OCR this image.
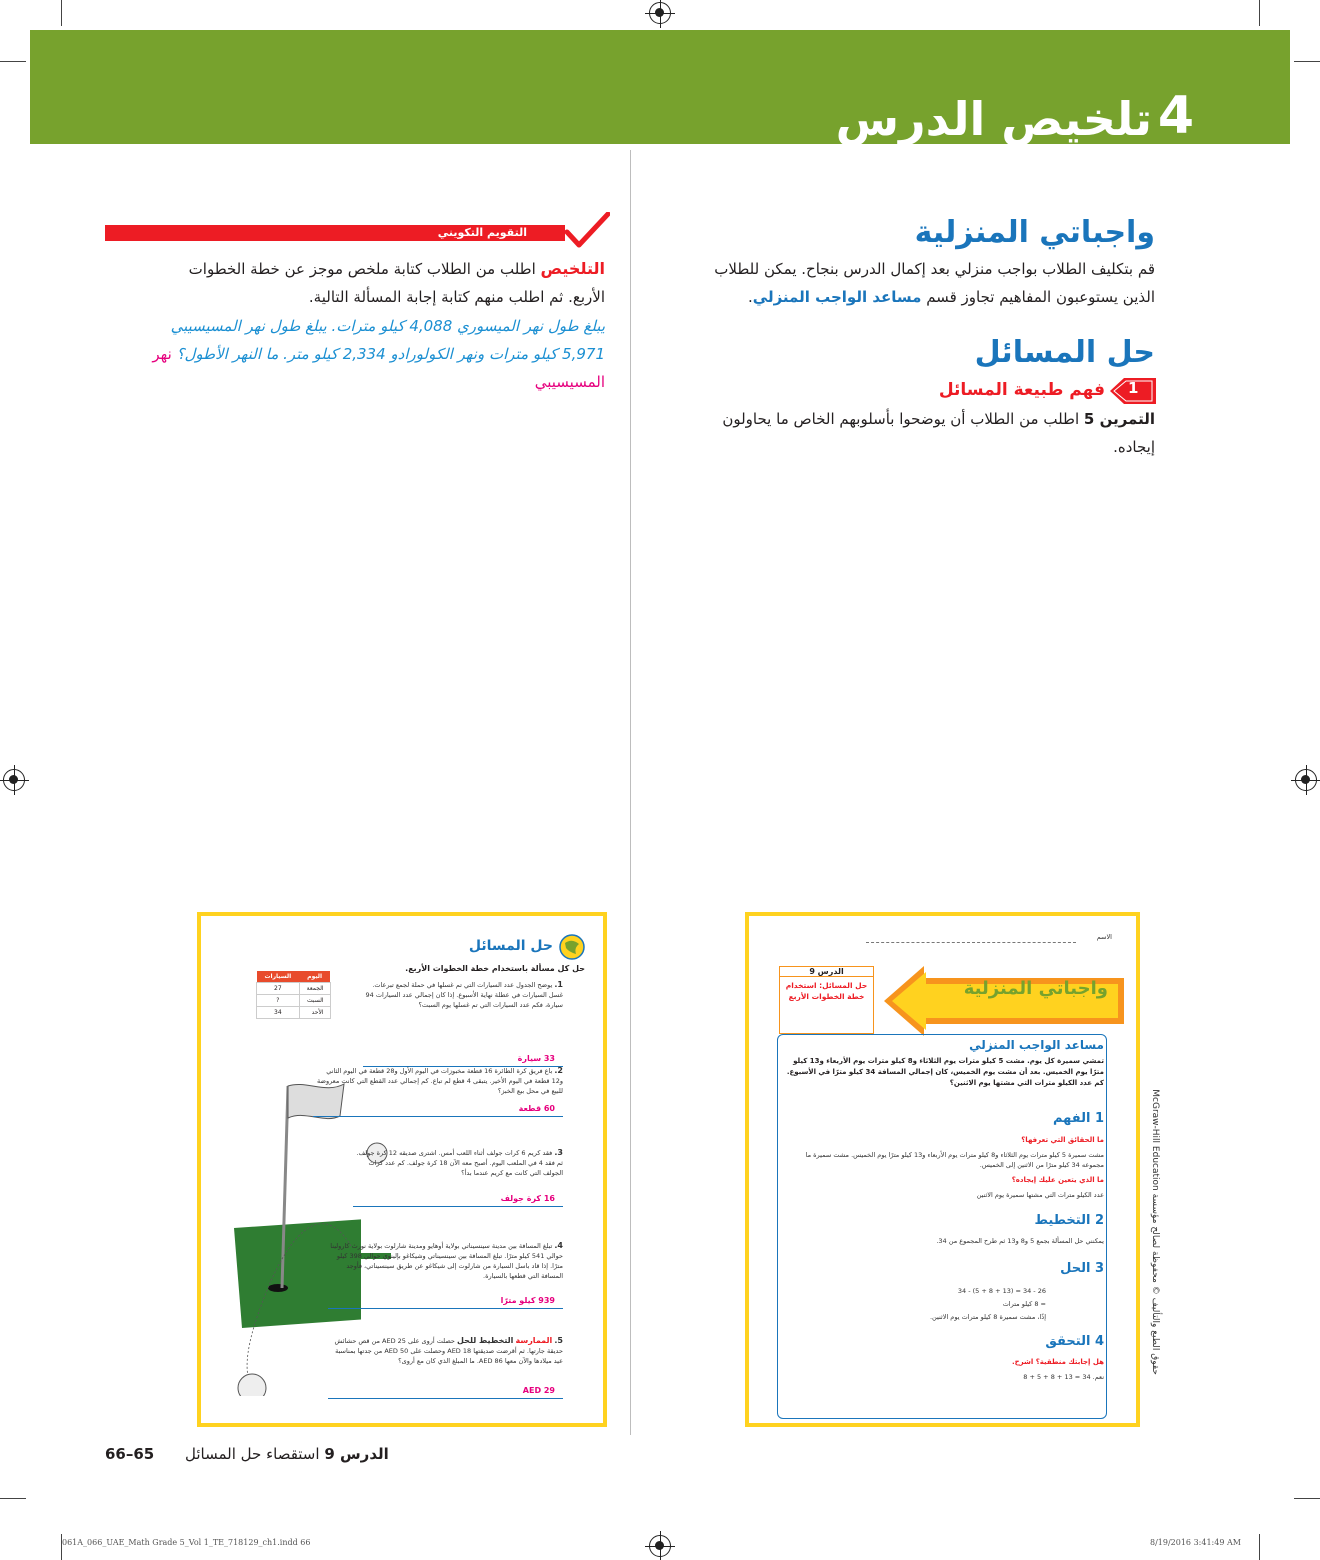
4
تلخيص الدرس
واجباتي المنزلية
قم بتكليف الطلاب بواجب منزلي بعد إكمال الدرس بنجاح. يمكن للطلاب
الذين يستوعبون المفاهيم تجاوز قسم مساعد الواجب المنزلي.
حل المسائل
1
فهم طبيعة المسائل
التمرين 5 اطلب من الطلاب أن يوضحوا بأسلوبهم الخاص ما يحاولون
إيجاده.
التقويم التكويني
التلخيص اطلب من الطلاب كتابة ملخص موجز عن خطة الخطوات
الأربع. ثم اطلب منهم كتابة إجابة المسألة التالية.
يبلغ طول نهر الميسوري 4,088 كيلو مترات. يبلغ طول نهر المسيسيبي
5,971 كيلو مترات ونهر الكولورادو 2,334 كيلو متر. ما النهر الأطول؟ نهر
المسيسيبي
حل المسائل
حل كل مسألة باستخدام خطة الخطوات الأربع.
اليوم	السيارات
الجمعة	27
السبت	?
الأحد	34
1. يوضح الجدول عدد السيارات التي تم غسلها في حملة لجمع تبرعات. غسل السيارات في عطلة نهاية الأسبوع. إذا كان إجمالي عدد السيارات 94 سيارة، فكم عدد السيارات التي تم غسلها يوم السبت؟
33 سيارة
2. باع فريق كرة الطائرة 16 قطعة مخبوزات في اليوم الأول و28 قطعة في اليوم الثاني و12 قطعة في اليوم الأخير. يتبقى 4 قطع لم تباع. كم إجمالي عدد القطع التي كانت معروضة للبيع في محل بيع الخبز؟
60 قطعة
3. فقد كريم 6 كرات جولف أثناء اللعب أمس. اشترى صديقه 12 كرة جولف. ثم فقد 4 في الملعب اليوم. أصبح معه الآن 18 كرة جولف. كم عدد كرات الجولف التي كانت مع كريم عندما بدأ؟
16 كرة جولف
4. تبلغ المسافة بين مدينة سينسيناتي بولاية أوهايو ومدينة شارلوت بولاية نورث كارولينا حوالي 541 كيلو مترًا. تبلغ المسافة بين سينسيناتي وشيكاغو بإلينوي حوالي 398 كيلو مترًا. إذا قاد باسل السيارة من شارلوت إلى شيكاغو عن طريق سينسيناتي، فأوجد المسافة التي قطعها بالسيارة.
939 كيلو مترًا
5. الممارسة التخطيط للحل حصلت أروى على AED 25 من قص حشائش حديقة جارتها. ثم أقرضت صديقتها AED 18 وحصلت على AED 50 من جدتها بمناسبة عيد ميلادها والآن معها AED 86. ما المبلغ الذي كان مع أروى؟
AED 29
الاسم
واجباتي المنزلية
الدرس 9
حل المسائل: استخدام خطة الخطوات الأربع
مساعد الواجب المنزلي
تمشي سميرة كل يوم. مشت 5 كيلو مترات يوم الثلاثاء و8 كيلو مترات يوم الأربعاء و13 كيلو مترًا يوم الخميس. بعد أن مشت يوم الخميس، كان إجمالي المسافة 34 كيلو مترًا في الأسبوع. كم عدد الكيلو مترات التي مشتها يوم الاثنين؟
1 الفهم
ما الحقائق التي تعرفها؟
مشت سميرة 5 كيلو مترات يوم الثلاثاء و8 كيلو مترات يوم الأربعاء و13 كيلو مترًا يوم الخميس. مشت سميرة ما مجموعه 34 كيلو مترًا من الاثنين إلى الخميس.
ما الذي يتعين عليك إيجاده؟
عدد الكيلو مترات التي مشتها سميرة يوم الاثنين
2 التخطيط
يمكنني حل المسألة بجمع 5 و8 و13 ثم طرح المجموع من 34.
3 الحل
34 - (5 + 8 + 13) = 34 - 26
= 8 كيلو مترات
إذًا، مشت سميرة 8 كيلو مترات يوم الاثنين.
4 التحقق
هل إجابتك منطقية؟ اشرح.
نعم. 34 = 13 + 8 + 5 + 8
حقوق الطبع والتأليف © محفوظة لصالح مؤسسة McGraw-Hill Education
66–65	الدرس 9 استقصاء حل المسائل
061A_066_UAE_Math Grade 5_Vol 1_TE_718129_ch1.indd 66	8/19/2016 3:41:49 AM
